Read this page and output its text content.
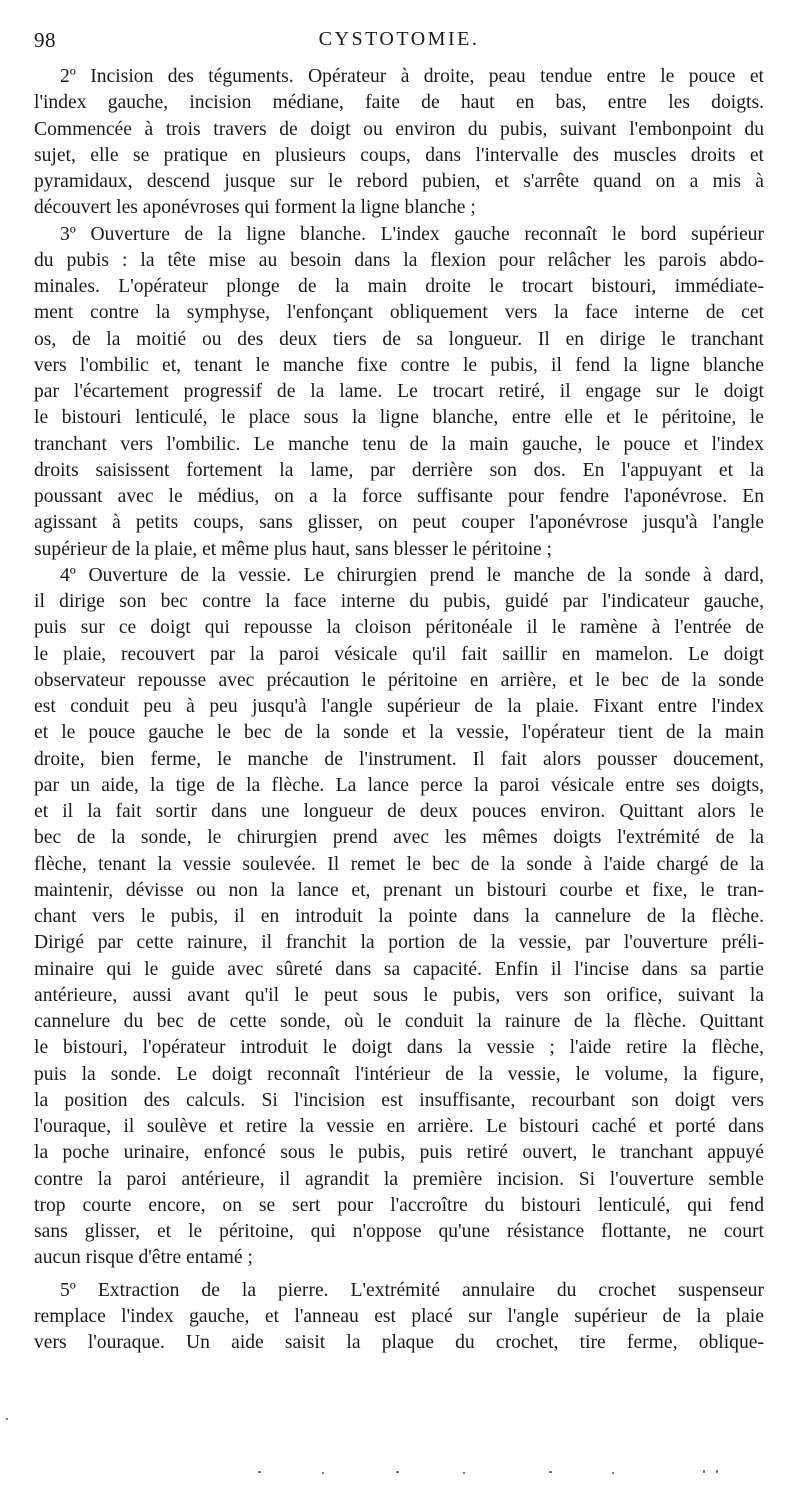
98	CYSTOTOMIE.
2º Incision des téguments. Opérateur à droite, peau tendue entre le pouce et
l'index gauche, incision médiane, faite de haut en bas, entre les doigts.
Commencée à trois travers de doigt ou environ du pubis, suivant l'embonpoint du
sujet, elle se pratique en plusieurs coups, dans l'intervalle des muscles droits et
pyramidaux, descend jusque sur le rebord pubien, et s'arrête quand on a mis à
découvert les aponévroses qui forment la ligne blanche ;
3º Ouverture de la ligne blanche. L'index gauche reconnaît le bord supérieur
du pubis : la tête mise au besoin dans la flexion pour relâcher les parois abdo-
minales. L'opérateur plonge de la main droite le trocart bistouri, immédiate-
ment contre la symphyse, l'enfonçant obliquement vers la face interne de cet
os, de la moitié ou des deux tiers de sa longueur. Il en dirige le tranchant
vers l'ombilic et, tenant le manche fixe contre le pubis, il fend la ligne blanche
par l'écartement progressif de la lame. Le trocart retiré, il engage sur le doigt
le bistouri lenticulé, le place sous la ligne blanche, entre elle et le péritoine, le
tranchant vers l'ombilic. Le manche tenu de la main gauche, le pouce et l'index
droits saisissent fortement la lame, par derrière son dos. En l'appuyant et la
poussant avec le médius, on a la force suffisante pour fendre l'aponévrose. En
agissant à petits coups, sans glisser, on peut couper l'aponévrose jusqu'à l'angle
supérieur de la plaie, et même plus haut, sans blesser le péritoine ;
4º Ouverture de la vessie. Le chirurgien prend le manche de la sonde à dard,
il dirige son bec contre la face interne du pubis, guidé par l'indicateur gauche,
puis sur ce doigt qui repousse la cloison péritonéale il le ramène à l'entrée de
le plaie, recouvert par la paroi vésicale qu'il fait saillir en mamelon. Le doigt
observateur repousse avec précaution le péritoine en arrière, et le bec de la sonde
est conduit peu à peu jusqu'à l'angle supérieur de la plaie. Fixant entre l'index
et le pouce gauche le bec de la sonde et la vessie, l'opérateur tient de la main
droite, bien ferme, le manche de l'instrument. Il fait alors pousser doucement,
par un aide, la tige de la flèche. La lance perce la paroi vésicale entre ses doigts,
et il la fait sortir dans une longueur de deux pouces environ. Quittant alors le
bec de la sonde, le chirurgien prend avec les mêmes doigts l'extrémité de la
flèche, tenant la vessie soulevée. Il remet le bec de la sonde à l'aide chargé de la
maintenir, dévisse ou non la lance et, prenant un bistouri courbe et fixe, le tran-
chant vers le pubis, il en introduit la pointe dans la cannelure de la flèche.
Dirigé par cette rainure, il franchit la portion de la vessie, par l'ouverture préli-
minaire qui le guide avec sûreté dans sa capacité. Enfin il l'incise dans sa partie
antérieure, aussi avant qu'il le peut sous le pubis, vers son orifice, suivant la
cannelure du bec de cette sonde, où le conduit la rainure de la flèche. Quittant
le bistouri, l'opérateur introduit le doigt dans la vessie ; l'aide retire la flèche,
puis la sonde. Le doigt reconnaît l'intérieur de la vessie, le volume, la figure,
la position des calculs. Si l'incision est insuffisante, recourbant son doigt vers
l'ouraque, il soulève et retire la vessie en arrière. Le bistouri caché et porté dans
la poche urinaire, enfoncé sous le pubis, puis retiré ouvert, le tranchant appuyé
contre la paroi antérieure, il agrandit la première incision. Si l'ouverture semble
trop courte encore, on se sert pour l'accroître du bistouri lenticulé, qui fend
sans glisser, et le péritoine, qui n'oppose qu'une résistance flottante, ne court
aucun risque d'être entamé ;
5º Extraction de la pierre. L'extrémité annulaire du crochet suspenseur
remplace l'index gauche, et l'anneau est placé sur l'angle supérieur de la plaie
vers l'ouraque. Un aide saisit la plaque du crochet, tire ferme, oblique-
